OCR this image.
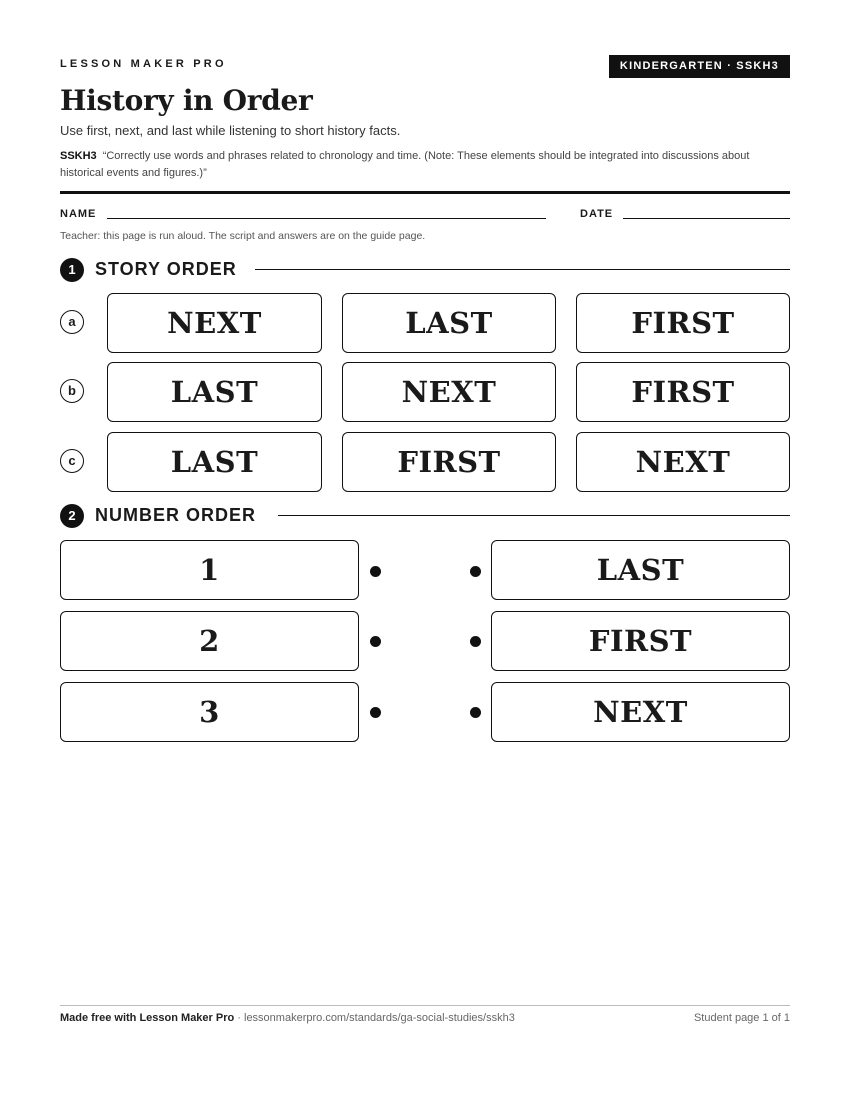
LESSON MAKER PRO	KINDERGARTEN · SSKH3
History in Order
Use first, next, and last while listening to short history facts.
SSKH3 “Correctly use words and phrases related to chronology and time. (Note: These elements should be integrated into discussions about historical events and figures.)”
NAME	DATE
Teacher: this page is run aloud. The script and answers are on the guide page.
1	STORY ORDER
a	NEXT	LAST	FIRST
b	LAST	NEXT	FIRST
c	LAST	FIRST	NEXT
2	NUMBER ORDER
1	LAST
2	FIRST
3	NEXT
Made free with Lesson Maker Pro · lessonmakerpro.com/standards/ga-social-studies/sskh3	Student page 1 of 1
